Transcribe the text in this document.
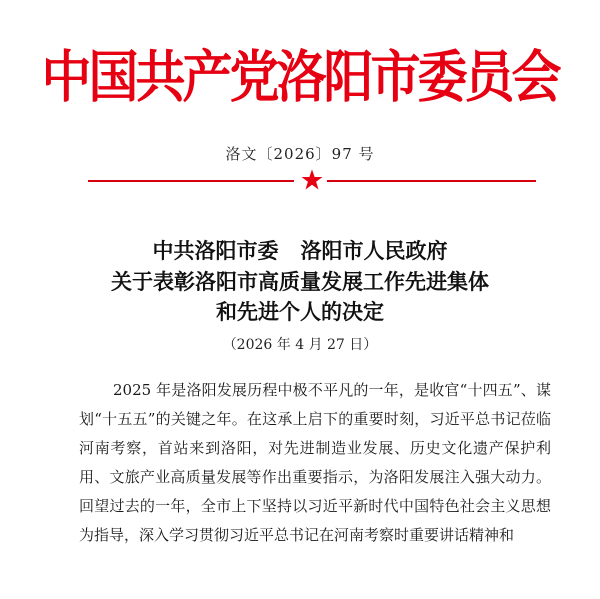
中国共产党洛阳市委员会
洛文〔2026〕97 号
中共洛阳市委 洛阳市人民政府
关于表彰洛阳市高质量发展工作先进集体
和先进个人的决定
（2026 年 4 月 27 日）

2025 年是洛阳发展历程中极不平凡的一年，是收官“十四五”、谋划“十五五”的关键之年。在这承上启下的重要时刻，习近平总书记莅临河南考察，首站来到洛阳，对先进制造业发展、历史文化遗产保护利用、文旅产业高质量发展等作出重要指示，为洛阳发展注入强大动力。回望过去的一年，全市上下坚持以习近平新时代中国特色社会主义思想为指导，深入学习贯彻习近平总书记在河南考察时重要讲话精神和
